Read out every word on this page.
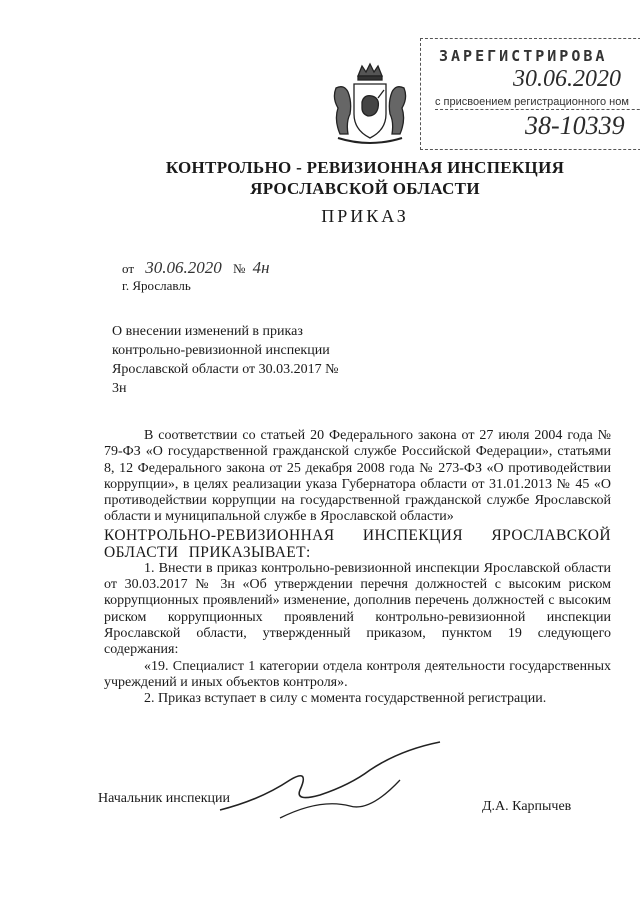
ЗАРЕГИСТРИРОВА
30.06.2020
с присвоением регистрационного ном
38-10339
КОНТРОЛЬНО - РЕВИЗИОННАЯ ИНСПЕКЦИЯ
ЯРОСЛАВСКОЙ ОБЛАСТИ
ПРИКАЗ
от 30.06.2020 № 4н
г. Ярославль
О внесении изменений в приказ контрольно-ревизионной инспекции Ярославской области от 30.03.2017 № 3н

В соответствии со статьей 20 Федерального закона от 27 июля 2004 года № 79-ФЗ «О государственной гражданской службе Российской Федерации», статьями 8, 12 Федерального закона от 25 декабря 2008 года № 273-ФЗ «О противодействии коррупции», в целях реализации указа Губернатора области от 31.01.2013 № 45 «О противодействии коррупции на государственной гражданской службе Ярославской области и муниципальной службе в Ярославской области»

КОНТРОЛЬНО-РЕВИЗИОННАЯ ИНСПЕКЦИЯ ЯРОСЛАВСКОЙ ОБЛАСТИ ПРИКАЗЫВАЕТ:

1. Внести в приказ контрольно-ревизионной инспекции Ярославской области от 30.03.2017 № 3н «Об утверждении перечня должностей с высоким риском коррупционных проявлений» изменение, дополнив перечень должностей с высоким риском коррупционных проявлений контрольно-ревизионной инспекции Ярославской области, утвержденный приказом, пунктом 19 следующего содержания:

«19. Специалист 1 категории отдела контроля деятельности государственных учреждений и иных объектов контроля».

2. Приказ вступает в силу с момента государственной регистрации.

Начальник инспекции
Д.А. Карпычев
